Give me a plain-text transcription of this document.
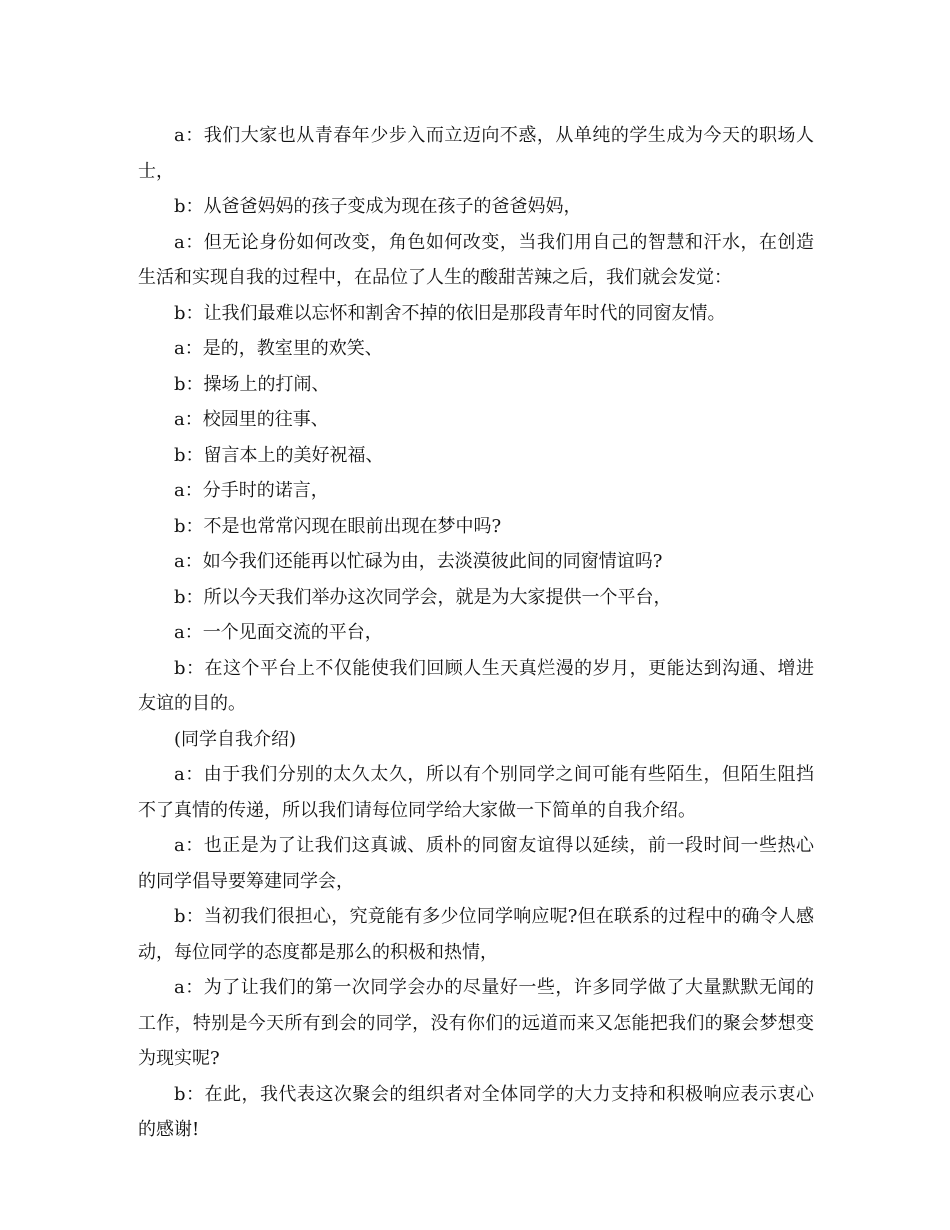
a：我们大家也从青春年少步入而立迈向不惑，从单纯的学生成为今天的职场人士，

b：从爸爸妈妈的孩子变成为现在孩子的爸爸妈妈，

a：但无论身份如何改变，角色如何改变，当我们用自己的智慧和汗水，在创造生活和实现自我的过程中，在品位了人生的酸甜苦辣之后，我们就会发觉：

b：让我们最难以忘怀和割舍不掉的依旧是那段青年时代的同窗友情。

a：是的，教室里的欢笑、

b：操场上的打闹、

a：校园里的往事、

b：留言本上的美好祝福、

a：分手时的诺言，

b：不是也常常闪现在眼前出现在梦中吗?

a：如今我们还能再以忙碌为由，去淡漠彼此间的同窗情谊吗?

b：所以今天我们举办这次同学会，就是为大家提供一个平台，

a：一个见面交流的平台，

b：在这个平台上不仅能使我们回顾人生天真烂漫的岁月，更能达到沟通、增进友谊的目的。

(同学自我介绍)

a：由于我们分别的太久太久，所以有个别同学之间可能有些陌生，但陌生阻挡不了真情的传递，所以我们请每位同学给大家做一下简单的自我介绍。

a：也正是为了让我们这真诚、质朴的同窗友谊得以延续，前一段时间一些热心的同学倡导要筹建同学会，

b：当初我们很担心，究竟能有多少位同学响应呢?但在联系的过程中的确令人感动，每位同学的态度都是那么的积极和热情，

a：为了让我们的第一次同学会办的尽量好一些，许多同学做了大量默默无闻的工作，特别是今天所有到会的同学，没有你们的远道而来又怎能把我们的聚会梦想变为现实呢?

b：在此，我代表这次聚会的组织者对全体同学的大力支持和积极响应表示衷心的感谢!
